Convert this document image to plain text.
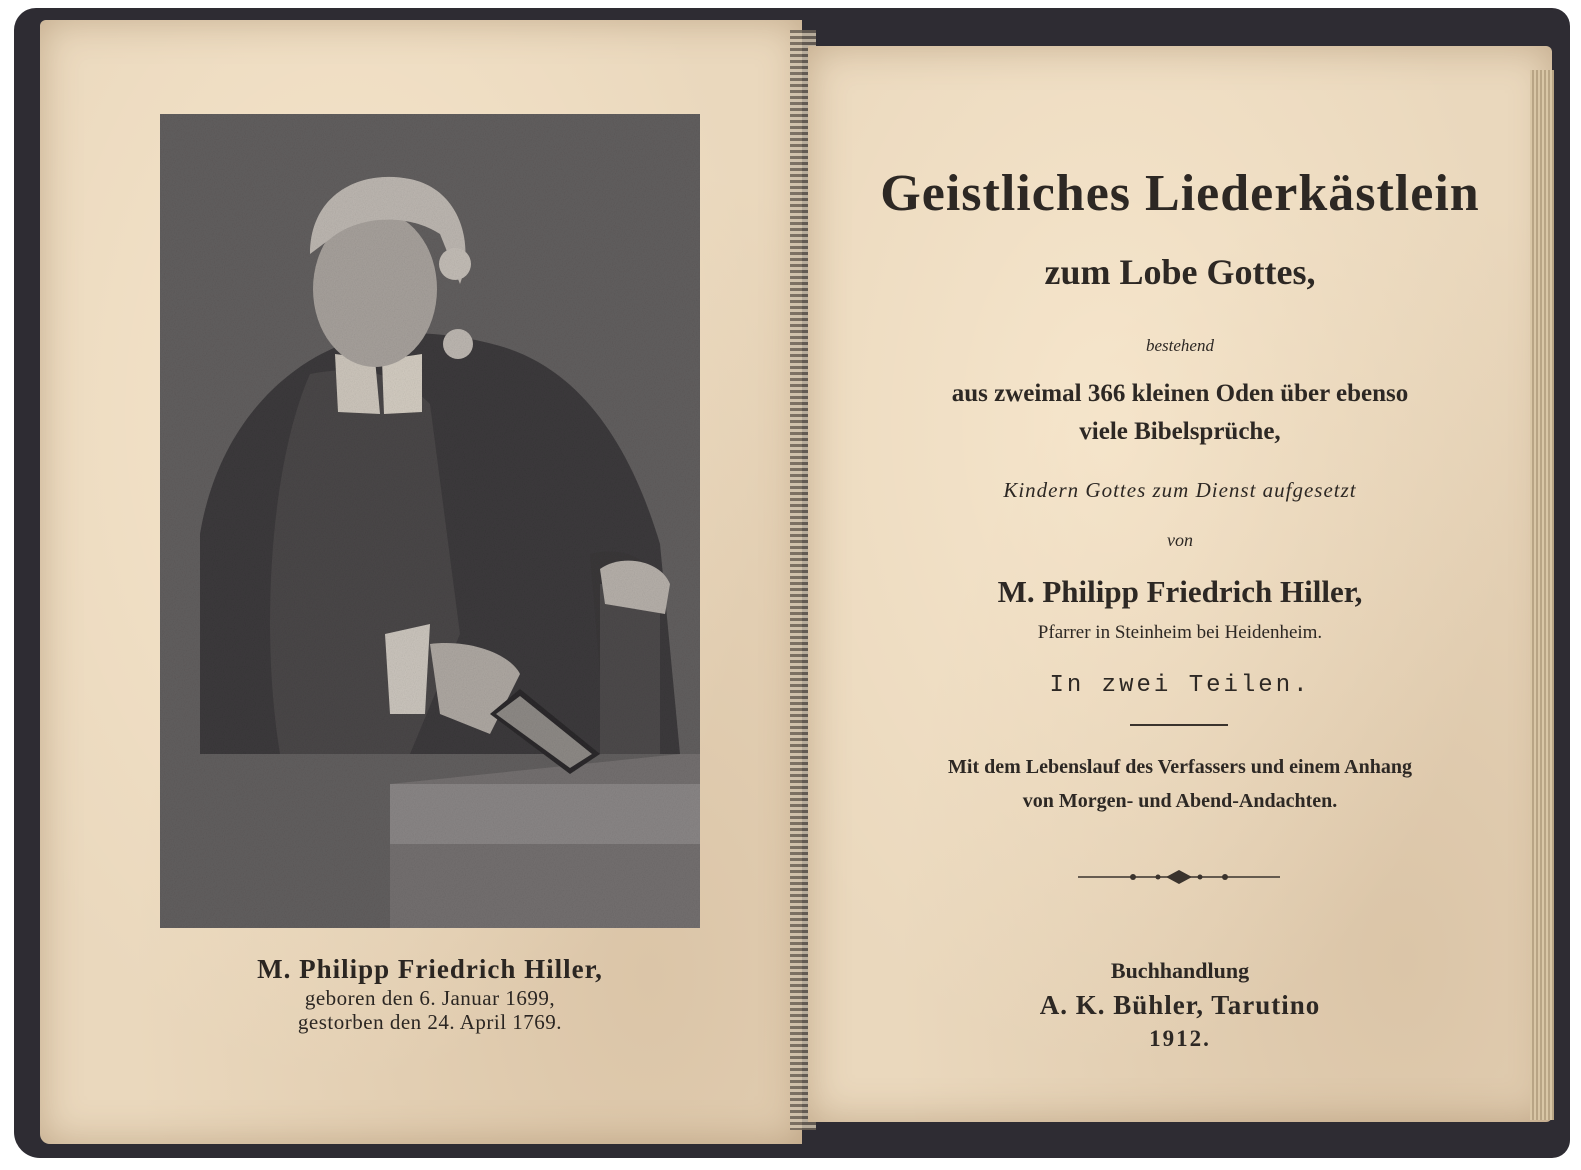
M. Philipp Friedrich Hiller,
geboren den 6. Januar 1699,
gestorben den 24. April 1769.
Geistliches Liederkästlein
zum Lobe Gottes,
bestehend
aus zweimal 366 kleinen Oden über ebenso
viele Bibelsprüche,
Kindern Gottes zum Dienst aufgesetzt
von
M. Philipp Friedrich Hiller,
Pfarrer in Steinheim bei Heidenheim.
In zwei Teilen.
Mit dem Lebenslauf des Verfassers und einem Anhang
von Morgen- und Abend-Andachten.
Buchhandlung
A. K. Bühler, Tarutino
1912.
